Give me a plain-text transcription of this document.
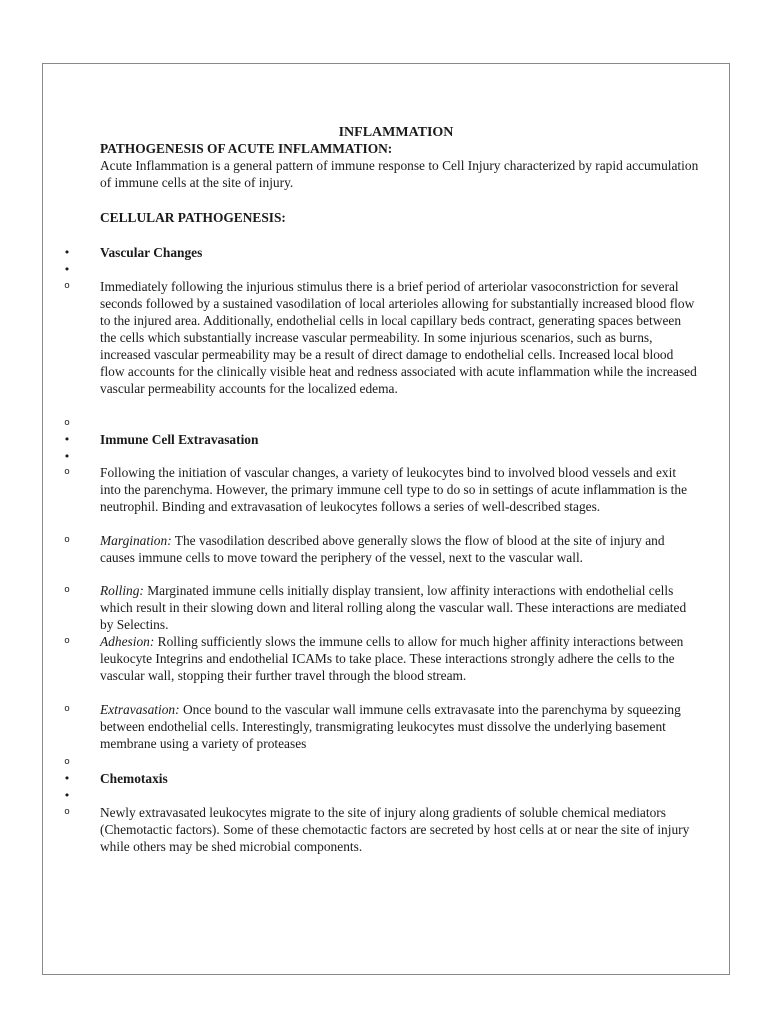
INFLAMMATION
PATHOGENESIS OF ACUTE INFLAMMATION:
Acute Inflammation is a general pattern of immune response to Cell Injury characterized by rapid accumulation of immune cells at the site of injury.
CELLULAR PATHOGENESIS:
• Vascular Changes
•
o Immediately following the injurious stimulus there is a brief period of arteriolar vasoconstriction for several seconds followed by a sustained vasodilation of local arterioles allowing for substantially increased blood flow to the injured area. Additionally, endothelial cells in local capillary beds contract, generating spaces between the cells which substantially increase vascular permeability. In some injurious scenarios, such as burns, increased vascular permeability may be a result of direct damage to endothelial cells. Increased local blood flow accounts for the clinically visible heat and redness associated with acute inflammation while the increased vascular permeability accounts for the localized edema.
o
• Immune Cell Extravasation
•
o Following the initiation of vascular changes, a variety of leukocytes bind to involved blood vessels and exit into the parenchyma. However, the primary immune cell type to do so in settings of acute inflammation is the neutrophil. Binding and extravasation of leukocytes follows a series of well-described stages.
o Margination: The vasodilation described above generally slows the flow of blood at the site of injury and causes immune cells to move toward the periphery of the vessel, next to the vascular wall.
o Rolling: Marginated immune cells initially display transient, low affinity interactions with endothelial cells which result in their slowing down and literal rolling along the vascular wall. These interactions are mediated by Selectins.
o Adhesion: Rolling sufficiently slows the immune cells to allow for much higher affinity interactions between leukocyte Integrins and endothelial ICAMs to take place. These interactions strongly adhere the cells to the vascular wall, stopping their further travel through the blood stream.
o Extravasation: Once bound to the vascular wall immune cells extravasate into the parenchyma by squeezing between endothelial cells. Interestingly, transmigrating leukocytes must dissolve the underlying basement membrane using a variety of proteases
o
• Chemotaxis
•
o Newly extravasated leukocytes migrate to the site of injury along gradients of soluble chemical mediators (Chemotactic factors). Some of these chemotactic factors are secreted by host cells at or near the site of injury while others may be shed microbial components.
